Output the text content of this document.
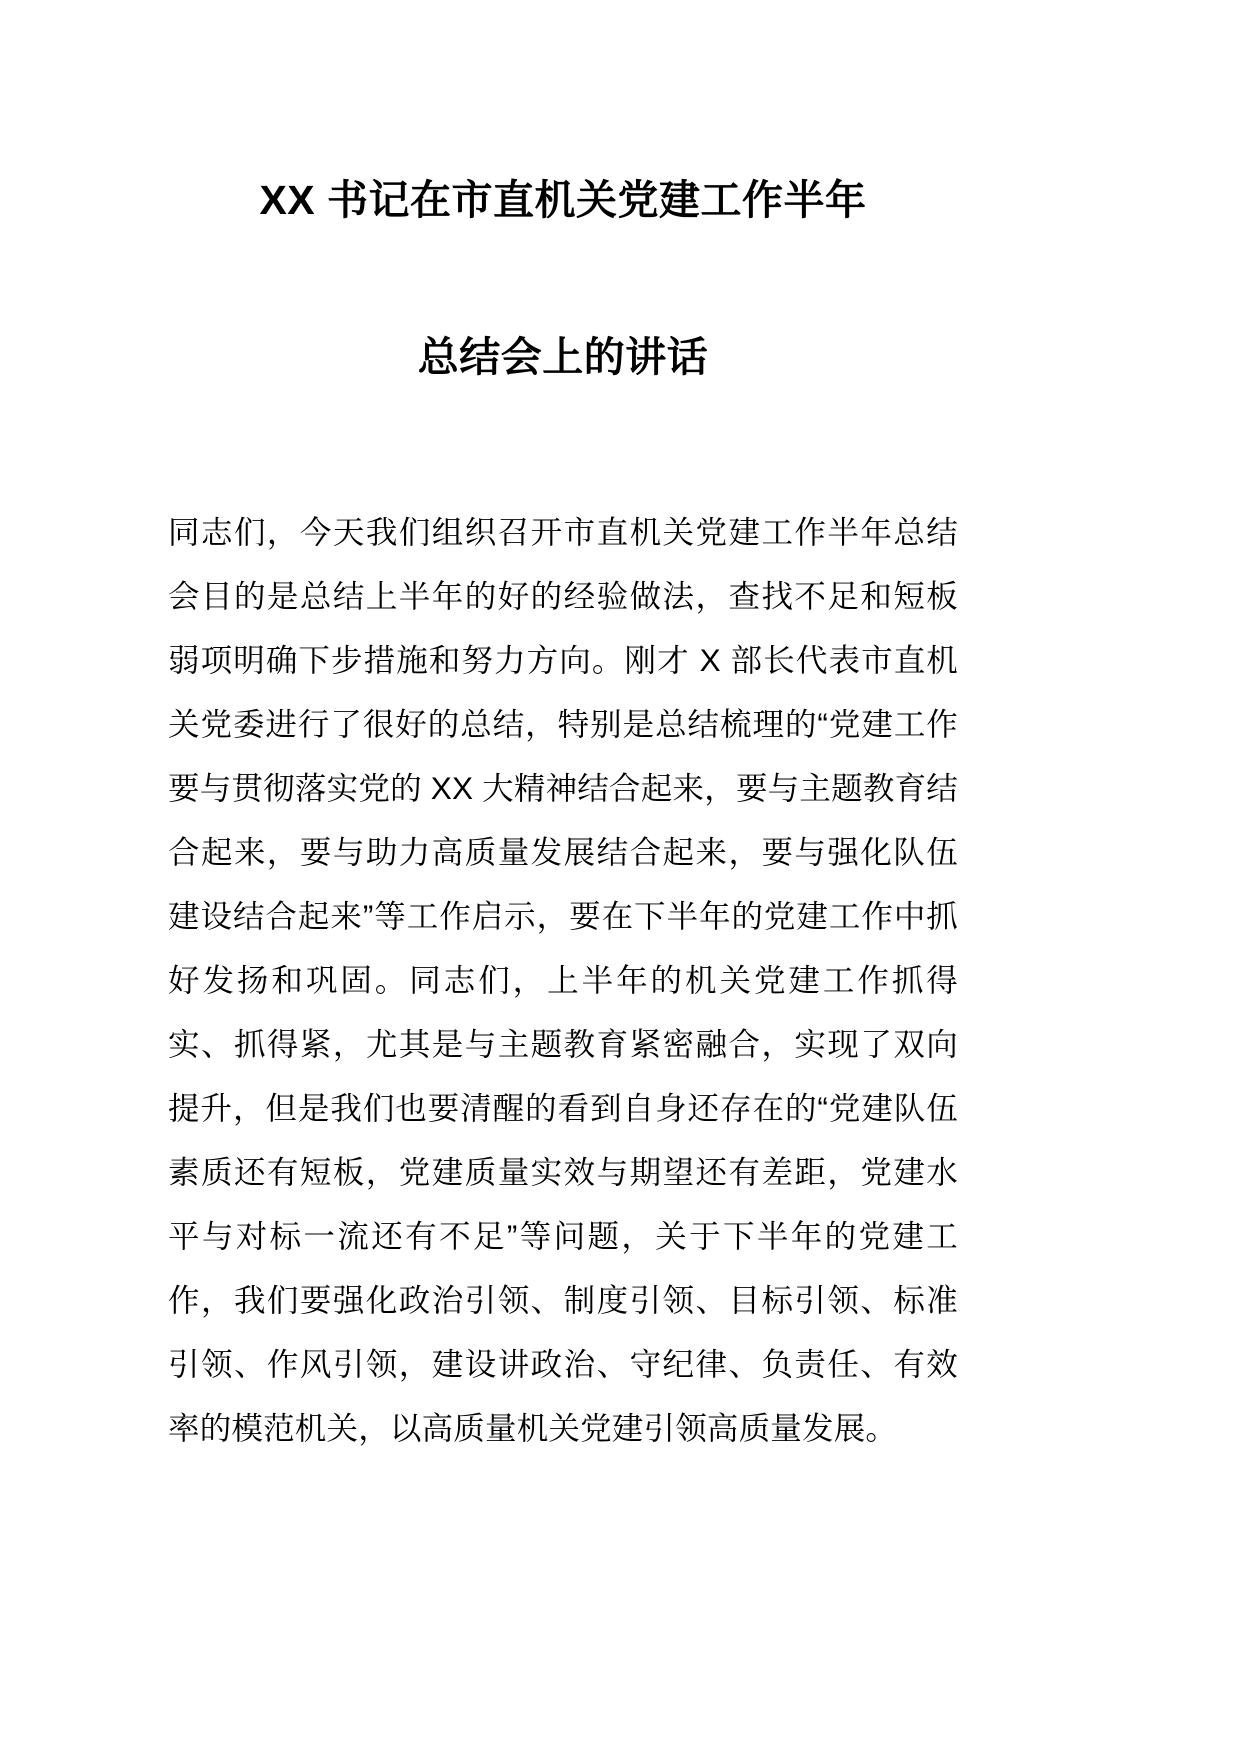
XX 书记在市直机关党建工作半年
总结会上的讲话

同志们，今天我们组织召开市直机关党建工作半年总结会目的是总结上半年的好的经验做法，查找不足和短板弱项明确下步措施和努力方向。刚才 X 部长代表市直机关党委进行了很好的总结，特别是总结梳理的“党建工作要与贯彻落实党的 XX 大精神结合起来，要与主题教育结合起来，要与助力高质量发展结合起来，要与强化队伍建设结合起来”等工作启示，要在下半年的党建工作中抓好发扬和巩固。同志们，上半年的机关党建工作抓得实、抓得紧，尤其是与主题教育紧密融合，实现了双向提升，但是我们也要清醒的看到自身还存在的“党建队伍素质还有短板，党建质量实效与期望还有差距，党建水平与对标一流还有不足”等问题，关于下半年的党建工作，我们要强化政治引领、制度引领、目标引领、标准引领、作风引领，建设讲政治、守纪律、负责任、有效率的模范机关，以高质量机关党建引领高质量发展。
